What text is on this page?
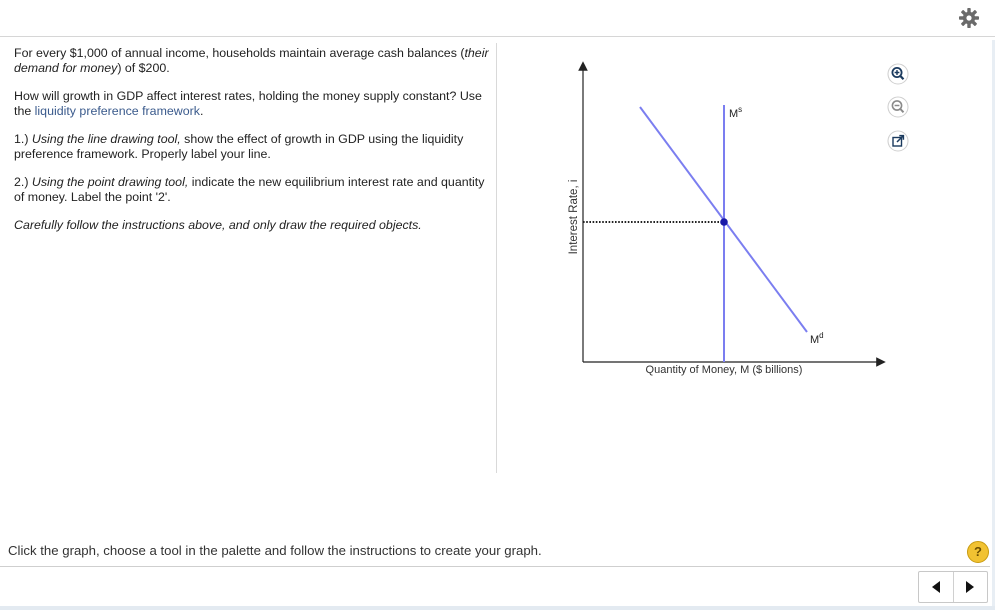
For every $1,000 of annual income, households maintain average cash balances (their demand for money) of $200.

How will growth in GDP affect interest rates, holding the money supply constant? Use the liquidity preference framework.

1.) Using the line drawing tool, show the effect of growth in GDP using the liquidity preference framework. Properly label your line.

2.) Using the point drawing tool, indicate the new equilibrium interest rate and quantity of money. Label the point '2'.

Carefully follow the instructions above, and only draw the required objects.	Interest Rate, i
Quantity of Money, M ($ billions)
$M^s$
$M^d$
Click the graph, choose a tool in the palette and follow the instructions to create your graph.	?
